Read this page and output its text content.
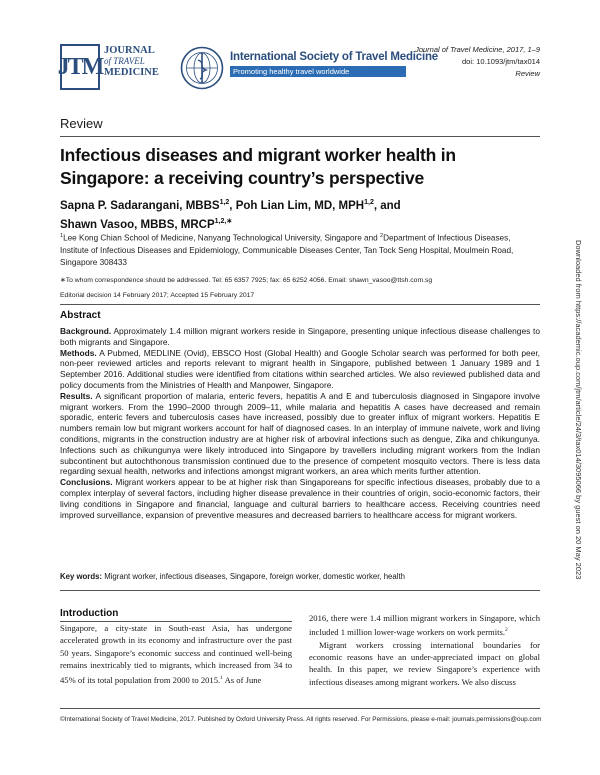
JTM
JOURNAL
of TRAVEL
MEDICINE
International Society of Travel Medicine
Promoting healthy travel worldwide	Established 1991
Journal of Travel Medicine, 2017, 1–9
doi: 10.1093/jtm/tax014
Review
Review
Infectious diseases and migrant worker health in Singapore: a receiving country’s perspective
Sapna P. Sadarangani, MBBS$^{1,2}$, Poh Lian Lim, MD, MPH$^{1,2}$, and
Shawn Vasoo, MBBS, $MRCP^{1,2,∗}$
$^1$Lee Kong Chian School of Medicine, Nanyang Technological University, Singapore and $^2$Department of Infectious Diseases, Institute of Infectious Diseases and Epidemiology, Communicable Diseases Center, Tan Tock Seng Hospital, Moulmein Road, Singapore 308433
∗To whom correspondence should be addressed. Tel: 65 6357 7925; fax: 65 6252 4056. Email: shawn_vasoo@ttsh.com.sg
Editorial decision 14 February 2017; Accepted 15 February 2017
Abstract

Background. Approximately 1.4 million migrant workers reside in Singapore, presenting unique infectious disease challenges to both migrants and Singapore.

Methods. A Pubmed, MEDLINE (Ovid), EBSCO Host (Global Health) and Google Scholar search was performed for both peer, non-peer reviewed articles and reports relevant to migrant health in Singapore, published between 1 January 1989 and 1 September 2016. Additional studies were identified from citations within searched articles. We also reviewed published data and policy documents from the Ministries of Health and Manpower, Singapore.

Results. A significant proportion of malaria, enteric fevers, hepatitis A and E and tuberculosis diagnosed in Singapore involve migrant workers. From the 1990–2000 through 2009–11, while malaria and hepatitis A cases have decreased and remain sporadic, enteric fevers and tuberculosis cases have increased, possibly due to greater influx of migrant workers. Hepatitis E numbers remain low but migrant workers account for half of diagnosed cases. In an interplay of immune naivete, work and living conditions, migrants in the construction industry are at higher risk of arboviral infections such as dengue, Zika and chikungunya. Infections such as chikungunya were likely introduced into Singapore by travellers including migrant workers from the Indian subcontinent but autochthonous transmission continued due to the presence of competent mosquito vectors. There is less data regarding sexual health, networks and infections amongst migrant workers, an area which merits further attention.

Conclusions. Migrant workers appear to be at higher risk than Singaporeans for specific infectious diseases, probably due to a complex interplay of several factors, including higher disease prevalence in their countries of origin, socio-economic factors, their living conditions in Singapore and financial, language and cultural barriers to healthcare access. Receiving countries need improved surveillance, expansion of preventive measures and decreased barriers to healthcare access for migrant workers.

Key words: Migrant worker, infectious diseases, Singapore, foreign worker, domestic worker, health
Introduction

Singapore, a city-state in South-east Asia, has undergone accelerated growth in its economy and infrastructure over the past 50 years. Singapore’s economic success and continued well-being remains inextricably tied to migrants, which increased from 34 to 45% of its total population from 2000 to 2015.$^1$ As of June

2016, there were 1.4 million migrant workers in Singapore, which included 1 million lower-wage workers on work permits.$^2$

Migrant workers crossing international boundaries for economic reasons have an under-appreciated impact on global health. In this paper, we review Singapore’s experience with infectious diseases among migrant workers. We also discuss

©International Society of Travel Medicine, 2017. Published by Oxford University Press. All rights reserved. For Permissions, please e-mail: journals.permissions@oup.com
Downloaded from https://academic.oup.com/jtm/article/24/3/tax014/3095066 by guest on 20 May 2023
